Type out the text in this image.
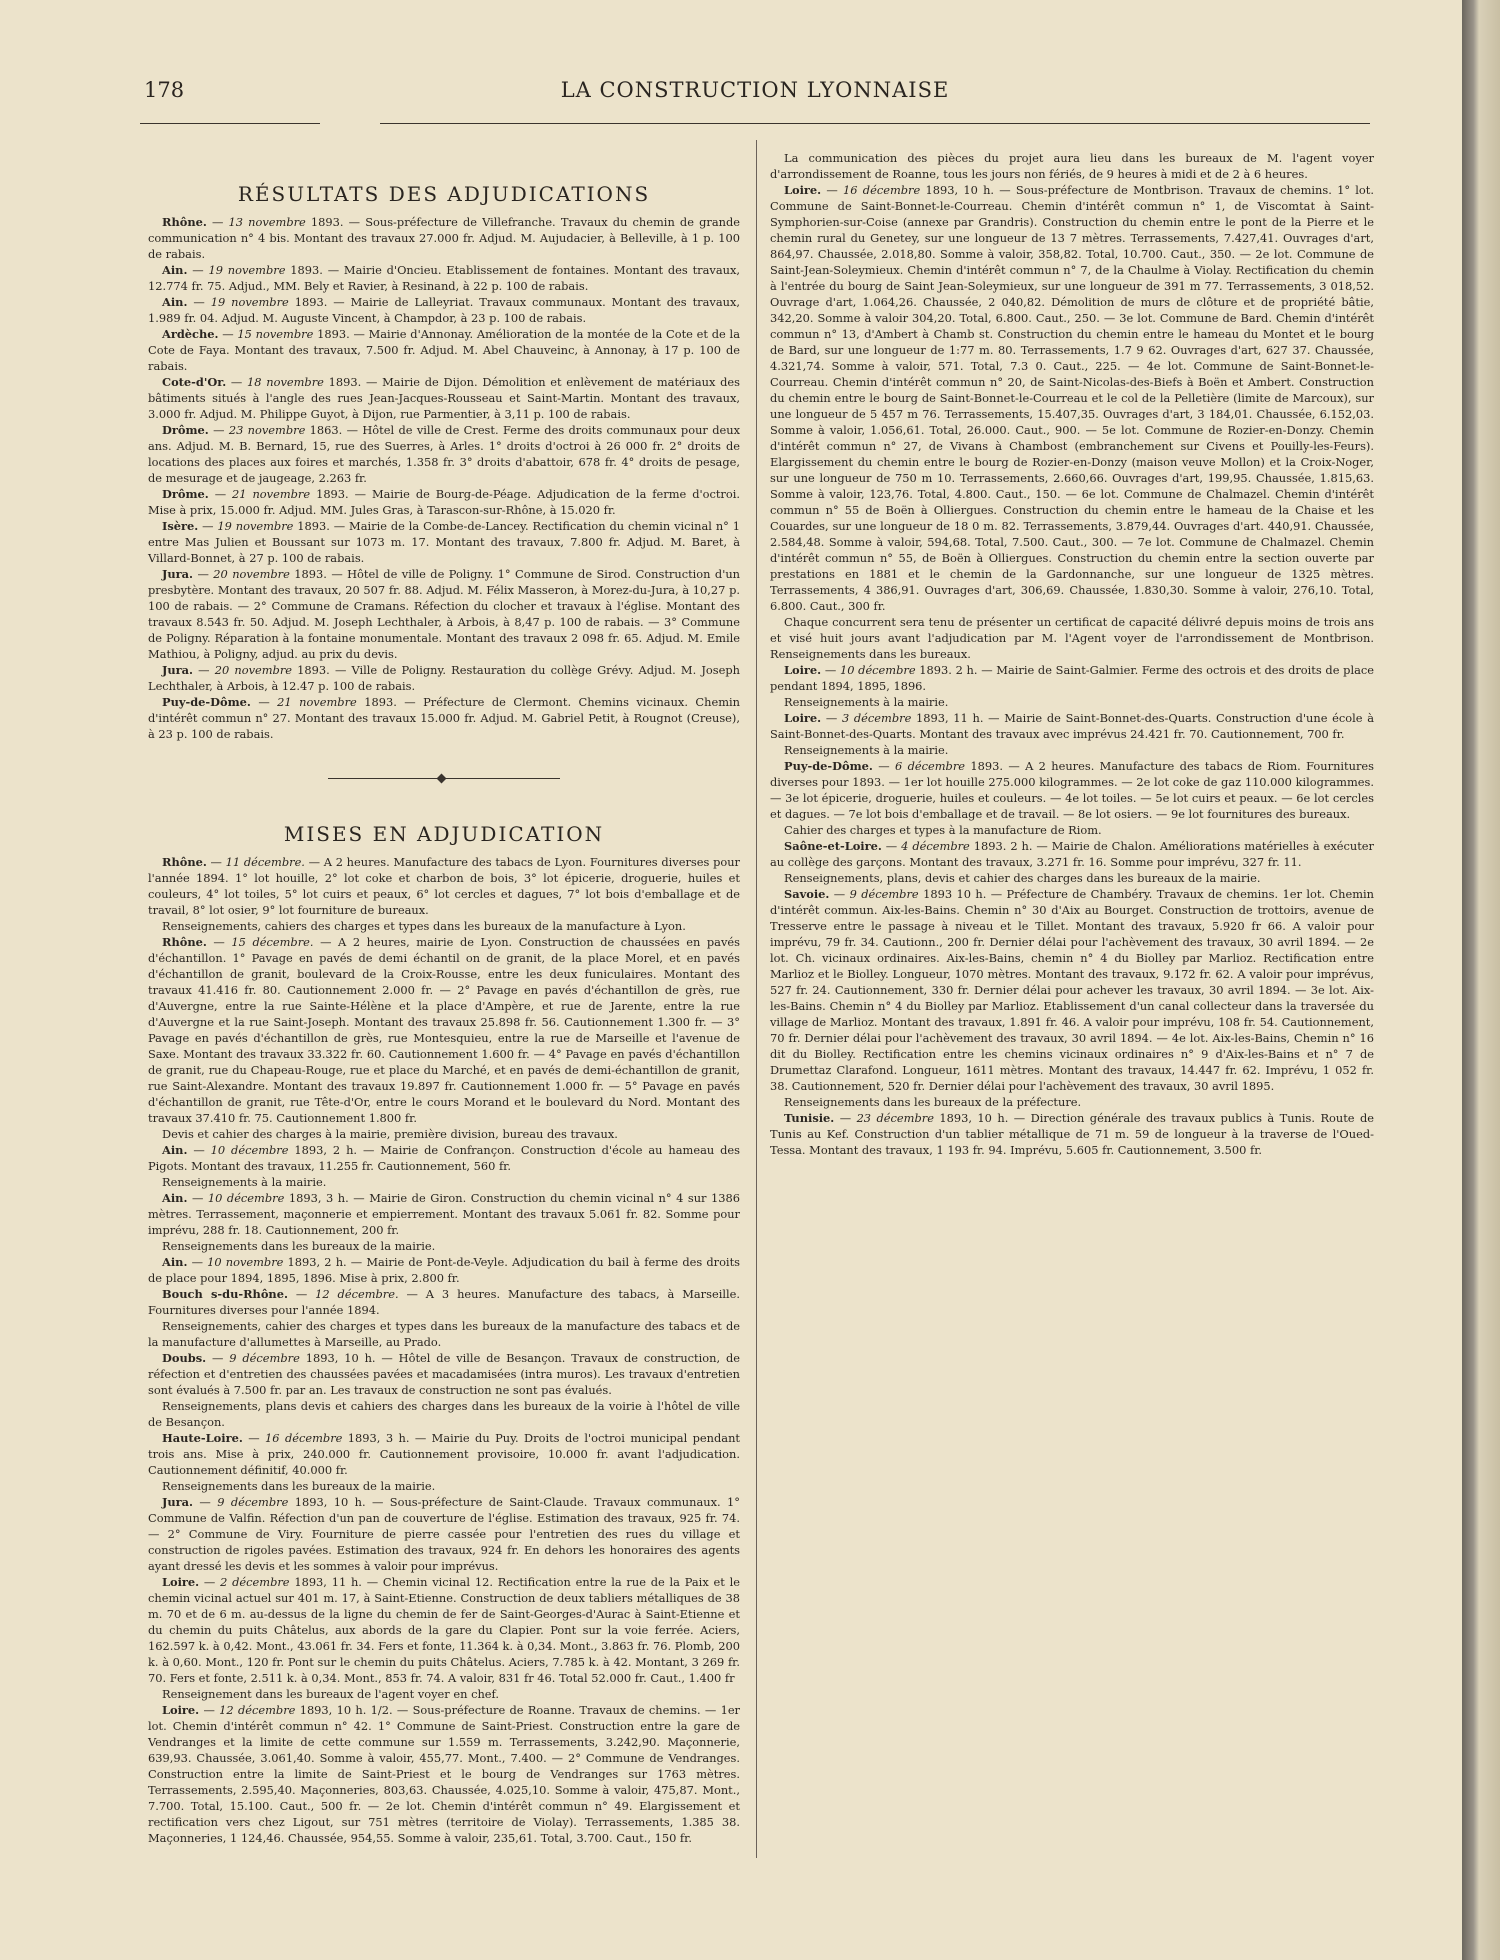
178	LA CONSTRUCTION LYONNAISE
RÉSULTATS DES ADJUDICATIONS

Rhône. — 13 novembre 1893. — Sous-préfecture de Villefranche. Travaux du chemin de grande communication n° 4 bis. Montant des travaux 27.000 fr. Adjud. M. Aujudacier, à Belleville, à 1 p. 100 de rabais.

Ain. — 19 novembre 1893. — Mairie d'Oncieu. Etablissement de fontaines. Montant des travaux, 12.774 fr. 75. Adjud., MM. Bely et Ravier, à Resinand, à 22 p. 100 de rabais.

Ain. — 19 novembre 1893. — Mairie de Lalleyriat. Travaux communaux. Montant des travaux, 1.989 fr. 04. Adjud. M. Auguste Vincent, à Champdor, à 23 p. 100 de rabais.

Ardèche. — 15 novembre 1893. — Mairie d'Annonay. Amélioration de la montée de la Cote et de la Cote de Faya. Montant des travaux, 7.500 fr. Adjud. M. Abel Chauveinc, à Annonay, à 17 p. 100 de rabais.

Cote-d'Or. — 18 novembre 1893. — Mairie de Dijon. Démolition et enlèvement de matériaux des bâtiments situés à l'angle des rues Jean-Jacques-Rousseau et Saint-Martin. Montant des travaux, 3.000 fr. Adjud. M. Philippe Guyot, à Dijon, rue Parmentier, à 3,11 p. 100 de rabais.

Drôme. — 23 novembre 1863. — Hôtel de ville de Crest. Ferme des droits communaux pour deux ans. Adjud. M. B. Bernard, 15, rue des Suerres, à Arles. 1° droits d'octroi à 26 000 fr. 2° droits de locations des places aux foires et marchés, 1.358 fr. 3° droits d'abattoir, 678 fr. 4° droits de pesage, de mesurage et de jaugeage, 2.263 fr.

Drôme. — 21 novembre 1893. — Mairie de Bourg-de-Péage. Adjudication de la ferme d'octroi. Mise à prix, 15.000 fr. Adjud. MM. Jules Gras, à Tarascon-sur-Rhône, à 15.020 fr.

Isère. — 19 novembre 1893. — Mairie de la Combe-de-Lancey. Rectification du chemin vicinal n° 1 entre Mas Julien et Boussant sur 1073 m. 17. Montant des travaux, 7.800 fr. Adjud. M. Baret, à Villard-Bonnet, à 27 p. 100 de rabais.

Jura. — 20 novembre 1893. — Hôtel de ville de Poligny. 1° Commune de Sirod. Construction d'un presbytère. Montant des travaux, 20 507 fr. 88. Adjud. M. Félix Masseron, à Morez-du-Jura, à 10,27 p. 100 de rabais. — 2° Commune de Cramans. Réfection du clocher et travaux à l'église. Montant des travaux 8.543 fr. 50. Adjud. M. Joseph Lechthaler, à Arbois, à 8,47 p. 100 de rabais. — 3° Commune de Poligny. Réparation à la fontaine monumentale. Montant des travaux 2 098 fr. 65. Adjud. M. Emile Mathiou, à Poligny, adjud. au prix du devis.

Jura. — 20 novembre 1893. — Ville de Poligny. Restauration du collège Grévy. Adjud. M. Joseph Lechthaler, à Arbois, à 12.47 p. 100 de rabais.

Puy-de-Dôme. — 21 novembre 1893. — Préfecture de Clermont. Chemins vicinaux. Chemin d'intérêt commun n° 27. Montant des travaux 15.000 fr. Adjud. M. Gabriel Petit, à Rougnot (Creuse), à 23 p. 100 de rabais.

MISES EN ADJUDICATION

Rhône. — 11 décembre. — A 2 heures. Manufacture des tabacs de Lyon. Fournitures diverses pour l'année 1894. 1° lot houille, 2° lot coke et charbon de bois, 3° lot épicerie, droguerie, huiles et couleurs, 4° lot toiles, 5° lot cuirs et peaux, 6° lot cercles et dagues, 7° lot bois d'emballage et de travail, 8° lot osier, 9° lot fourniture de bureaux.

Renseignements, cahiers des charges et types dans les bureaux de la manufacture à Lyon.

Rhône. — 15 décembre. — A 2 heures, mairie de Lyon. Construction de chaussées en pavés d'échantillon. 1° Pavage en pavés de demi échantil on de granit, de la place Morel, et en pavés d'échantillon de granit, boulevard de la Croix-Rousse, entre les deux funiculaires. Montant des travaux 41.416 fr. 80. Cautionnement 2.000 fr. — 2° Pavage en pavés d'échantillon de grès, rue d'Auvergne, entre la rue Sainte-Hélène et la place d'Ampère, et rue de Jarente, entre la rue d'Auvergne et la rue Saint-Joseph. Montant des travaux 25.898 fr. 56. Cautionnement 1.300 fr. — 3° Pavage en pavés d'échantillon de grès, rue Montesquieu, entre la rue de Marseille et l'avenue de Saxe. Montant des travaux 33.322 fr. 60. Cautionnement 1.600 fr. — 4° Pavage en pavés d'échantillon de granit, rue du Chapeau-Rouge, rue et place du Marché, et en pavés de demi-échantillon de granit, rue Saint-Alexandre. Montant des travaux 19.897 fr. Cautionnement 1.000 fr. — 5° Pavage en pavés d'échantillon de granit, rue Tête-d'Or, entre le cours Morand et le boulevard du Nord. Montant des travaux 37.410 fr. 75. Cautionnement 1.800 fr.

Devis et cahier des charges à la mairie, première division, bureau des travaux.

Ain. — 10 décembre 1893, 2 h. — Mairie de Confrançon. Construction d'école au hameau des Pigots. Montant des travaux, 11.255 fr. Cautionnement, 560 fr.

Renseignements à la mairie.

Ain. — 10 décembre 1893, 3 h. — Mairie de Giron. Construction du chemin vicinal n° 4 sur 1386 mètres. Terrassement, maçonnerie et empierrement. Montant des travaux 5.061 fr. 82. Somme pour imprévu, 288 fr. 18. Cautionnement, 200 fr.

Renseignements dans les bureaux de la mairie.

Ain. — 10 novembre 1893, 2 h. — Mairie de Pont-de-Veyle. Adjudication du bail à ferme des droits de place pour 1894, 1895, 1896. Mise à prix, 2.800 fr.

Bouch s-du-Rhône. — 12 décembre. — A 3 heures. Manufacture des tabacs, à Marseille. Fournitures diverses pour l'année 1894.

Renseignements, cahier des charges et types dans les bureaux de la manufacture des tabacs et de la manufacture d'allumettes à Marseille, au Prado.

Doubs. — 9 décembre 1893, 10 h. — Hôtel de ville de Besançon. Travaux de construction, de réfection et d'entretien des chaussées pavées et macadamisées (intra muros). Les travaux d'entretien sont évalués à 7.500 fr. par an. Les travaux de construction ne sont pas évalués.

Renseignements, plans devis et cahiers des charges dans les bureaux de la voirie à l'hôtel de ville de Besançon.

Haute-Loire. — 16 décembre 1893, 3 h. — Mairie du Puy. Droits de l'octroi municipal pendant trois ans. Mise à prix, 240.000 fr. Cautionnement provisoire, 10.000 fr. avant l'adjudication. Cautionnement définitif, 40.000 fr.

Renseignements dans les bureaux de la mairie.

Jura. — 9 décembre 1893, 10 h. — Sous-préfecture de Saint-Claude. Travaux communaux. 1° Commune de Valfin. Réfection d'un pan de couverture de l'église. Estimation des travaux, 925 fr. 74. — 2° Commune de Viry. Fourniture de pierre cassée pour l'entretien des rues du village et construction de rigoles pavées. Estimation des travaux, 924 fr. En dehors les honoraires des agents ayant dressé les devis et les sommes à valoir pour imprévus.

Loire. — 2 décembre 1893, 11 h. — Chemin vicinal 12. Rectification entre la rue de la Paix et le chemin vicinal actuel sur 401 m. 17, à Saint-Etienne. Construction de deux tabliers métalliques de 38 m. 70 et de 6 m. au-dessus de la ligne du chemin de fer de Saint-Georges-d'Aurac à Saint-Etienne et du chemin du puits Châtelus, aux abords de la gare du Clapier. Pont sur la voie ferrée. Aciers, 162.597 k. à 0,42. Mont., 43.061 fr. 34. Fers et fonte, 11.364 k. à 0,34. Mont., 3.863 fr. 76. Plomb, 200 k. à 0,60. Mont., 120 fr. Pont sur le chemin du puits Châtelus. Aciers, 7.785 k. à 42. Montant, 3 269 fr. 70. Fers et fonte, 2.511 k. à 0,34. Mont., 853 fr. 74. A valoir, 831 fr 46. Total 52.000 fr. Caut., 1.400 fr

Renseignement dans les bureaux de l'agent voyer en chef.

Loire. — 12 décembre 1893, 10 h. 1/2. — Sous-préfecture de Roanne. Travaux de chemins. — 1er lot. Chemin d'intérêt commun n° 42. 1° Commune de Saint-Priest. Construction entre la gare de Vendranges et la limite de cette commune sur 1.559 m. Terrassements, 3.242,90. Maçonnerie, 639,93. Chaussée, 3.061,40. Somme à valoir, 455,77. Mont., 7.400. — 2° Commune de Vendranges. Construction entre la limite de Saint-Priest et le bourg de Vendranges sur 1763 mètres. Terrassements, 2.595,40. Maçonneries, 803,63. Chaussée, 4.025,10. Somme à valoir, 475,87. Mont., 7.700. Total, 15.100. Caut., 500 fr. — 2e lot. Chemin d'intérêt commun n° 49. Elargissement et rectification vers chez Ligout, sur 751 mètres (territoire de Violay). Terrassements, 1.385 38. Maçonneries, 1 124,46. Chaussée, 954,55. Somme à valoir, 235,61. Total, 3.700. Caut., 150 fr.

La communication des pièces du projet aura lieu dans les bureaux de M. l'agent voyer d'arrondissement de Roanne, tous les jours non fériés, de 9 heures à midi et de 2 à 6 heures.

Loire. — 16 décembre 1893, 10 h. — Sous-préfecture de Montbrison. Travaux de chemins. 1° lot. Commune de Saint-Bonnet-le-Courreau. Chemin d'intérêt commun n° 1, de Viscomtat à Saint-Symphorien-sur-Coise (annexe par Grandris). Construction du chemin entre le pont de la Pierre et le chemin rural du Genetey, sur une longueur de 13 7 mètres. Terrassements, 7.427,41. Ouvrages d'art, 864,97. Chaussée, 2.018,80. Somme à valoir, 358,82. Total, 10.700. Caut., 350. — 2e lot. Commune de Saint-Jean-Soleymieux. Chemin d'intérêt commun n° 7, de la Chaulme à Violay. Rectification du chemin à l'entrée du bourg de Saint Jean-Soleymieux, sur une longueur de 391 m 77. Terrassements, 3 018,52. Ouvrage d'art, 1.064,26. Chaussée, 2 040,82. Démolition de murs de clôture et de propriété bâtie, 342,20. Somme à valoir 304,20. Total, 6.800. Caut., 250. — 3e lot. Commune de Bard. Chemin d'intérêt commun n° 13, d'Ambert à Chamb st. Construction du chemin entre le hameau du Montet et le bourg de Bard, sur une longueur de 1:77 m. 80. Terrassements, 1.7 9 62. Ouvrages d'art, 627 37. Chaussée, 4.321,74. Somme à valoir, 571. Total, 7.3 0. Caut., 225. — 4e lot. Commune de Saint-Bonnet-le-Courreau. Chemin d'intérêt commun n° 20, de Saint-Nicolas-des-Biefs à Boën et Ambert. Construction du chemin entre le bourg de Saint-Bonnet-le-Courreau et le col de la Pelletière (limite de Marcoux), sur une longueur de 5 457 m 76. Terrassements, 15.407,35. Ouvrages d'art, 3 184,01. Chaussée, 6.152,03. Somme à valoir, 1.056,61. Total, 26.000. Caut., 900. — 5e lot. Commune de Rozier-en-Donzy. Chemin d'intérêt commun n° 27, de Vivans à Chambost (embranchement sur Civens et Pouilly-les-Feurs). Elargissement du chemin entre le bourg de Rozier-en-Donzy (maison veuve Mollon) et la Croix-Noger, sur une longueur de 750 m 10. Terrassements, 2.660,66. Ouvrages d'art, 199,95. Chaussée, 1.815,63. Somme à valoir, 123,76. Total, 4.800. Caut., 150. — 6e lot. Commune de Chalmazel. Chemin d'intérêt commun n° 55 de Boën à Olliergues. Construction du chemin entre le hameau de la Chaise et les Couardes, sur une longueur de 18 0 m. 82. Terrassements, 3.879,44. Ouvrages d'art. 440,91. Chaussée, 2.584,48. Somme à valoir, 594,68. Total, 7.500. Caut., 300. — 7e lot. Commune de Chalmazel. Chemin d'intérêt commun n° 55, de Boën à Olliergues. Construction du chemin entre la section ouverte par prestations en 1881 et le chemin de la Gardonnanche, sur une longueur de 1325 mètres. Terrassements, 4 386,91. Ouvrages d'art, 306,69. Chaussée, 1.830,30. Somme à valoir, 276,10. Total, 6.800. Caut., 300 fr.

Chaque concurrent sera tenu de présenter un certificat de capacité délivré depuis moins de trois ans et visé huit jours avant l'adjudication par M. l'Agent voyer de l'arrondissement de Montbrison. Renseignements dans les bureaux.

Loire. — 10 décembre 1893. 2 h. — Mairie de Saint-Galmier. Ferme des octrois et des droits de place pendant 1894, 1895, 1896.

Renseignements à la mairie.

Loire. — 3 décembre 1893, 11 h. — Mairie de Saint-Bonnet-des-Quarts. Construction d'une école à Saint-Bonnet-des-Quarts. Montant des travaux avec imprévus 24.421 fr. 70. Cautionnement, 700 fr.

Renseignements à la mairie.

Puy-de-Dôme. — 6 décembre 1893. — A 2 heures. Manufacture des tabacs de Riom. Fournitures diverses pour 1893. — 1er lot houille 275.000 kilogrammes. — 2e lot coke de gaz 110.000 kilogrammes. — 3e lot épicerie, droguerie, huiles et couleurs. — 4e lot toiles. — 5e lot cuirs et peaux. — 6e lot cercles et dagues. — 7e lot bois d'emballage et de travail. — 8e lot osiers. — 9e lot fournitures des bureaux.

Cahier des charges et types à la manufacture de Riom.

Saône-et-Loire. — 4 décembre 1893. 2 h. — Mairie de Chalon. Améliorations matérielles à exécuter au collège des garçons. Montant des travaux, 3.271 fr. 16. Somme pour imprévu, 327 fr. 11.

Renseignements, plans, devis et cahier des charges dans les bureaux de la mairie.

Savoie. — 9 décembre 1893 10 h. — Préfecture de Chambéry. Travaux de chemins. 1er lot. Chemin d'intérêt commun. Aix-les-Bains. Chemin n° 30 d'Aix au Bourget. Construction de trottoirs, avenue de Tresserve entre le passage à niveau et le Tillet. Montant des travaux, 5.920 fr 66. A valoir pour imprévu, 79 fr. 34. Cautionn., 200 fr. Dernier délai pour l'achèvement des travaux, 30 avril 1894. — 2e lot. Ch. vicinaux ordinaires. Aix-les-Bains, chemin n° 4 du Biolley par Marlioz. Rectification entre Marlioz et le Biolley. Longueur, 1070 mètres. Montant des travaux, 9.172 fr. 62. A valoir pour imprévus, 527 fr. 24. Cautionnement, 330 fr. Dernier délai pour achever les travaux, 30 avril 1894. — 3e lot. Aix-les-Bains. Chemin n° 4 du Biolley par Marlioz. Etablissement d'un canal collecteur dans la traversée du village de Marlioz. Montant des travaux, 1.891 fr. 46. A valoir pour imprévu, 108 fr. 54. Cautionnement, 70 fr. Dernier délai pour l'achèvement des travaux, 30 avril 1894. — 4e lot. Aix-les-Bains, Chemin n° 16 dit du Biolley. Rectification entre les chemins vicinaux ordinaires n° 9 d'Aix-les-Bains et n° 7 de Drumettaz Clarafond. Longueur, 1611 mètres. Montant des travaux, 14.447 fr. 62. Imprévu, 1 052 fr. 38. Cautionnement, 520 fr. Dernier délai pour l'achèvement des travaux, 30 avril 1895.

Renseignements dans les bureaux de la préfecture.

Tunisie. — 23 décembre 1893, 10 h. — Direction générale des travaux publics à Tunis. Route de Tunis au Kef. Construction d'un tablier métallique de 71 m. 59 de longueur à la traverse de l'Oued-Tessa. Montant des travaux, 1 193 fr. 94. Imprévu, 5.605 fr. Cautionnement, 3.500 fr.
